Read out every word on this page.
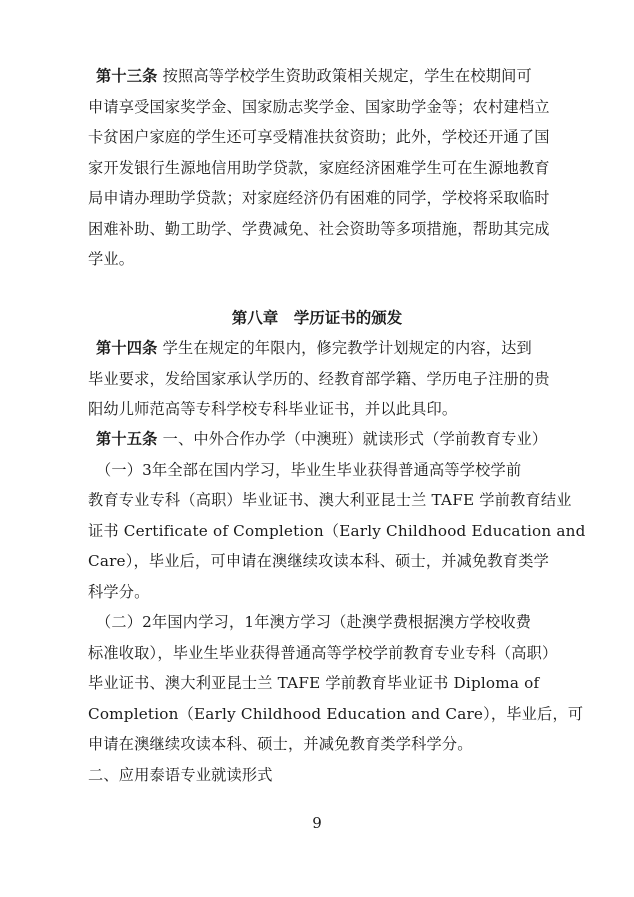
第十三条 按照高等学校学生资助政策相关规定，学生在校期间可
申请享受国家奖学金、国家励志奖学金、国家助学金等；农村建档立
卡贫困户家庭的学生还可享受精准扶贫资助；此外，学校还开通了国
家开发银行生源地信用助学贷款，家庭经济困难学生可在生源地教育
局申请办理助学贷款；对家庭经济仍有困难的同学，学校将采取临时
困难补助、勤工助学、学费减免、社会资助等多项措施，帮助其完成
学业。
第八章　学历证书的颁发
第十四条 学生在规定的年限内，修完教学计划规定的内容，达到
毕业要求，发给国家承认学历的、经教育部学籍、学历电子注册的贵
阳幼儿师范高等专科学校专科毕业证书，并以此具印。
第十五条 一、中外合作办学（中澳班）就读形式（学前教育专业）
（一）3年全部在国内学习，毕业生毕业获得普通高等学校学前
教育专业专科（高职）毕业证书、澳大利亚昆士兰 TAFE 学前教育结业
证书 Certificate of Completion（Early Childhood Education and
Care），毕业后，可申请在澳继续攻读本科、硕士，并减免教育类学
科学分。
（二）2年国内学习，1年澳方学习（赴澳学费根据澳方学校收费
标准收取），毕业生毕业获得普通高等学校学前教育专业专科（高职）
毕业证书、澳大利亚昆士兰 TAFE 学前教育毕业证书 Diploma of
Completion（Early Childhood Education and Care），毕业后，可
申请在澳继续攻读本科、硕士，并减免教育类学科学分。
二、应用泰语专业就读形式
9
